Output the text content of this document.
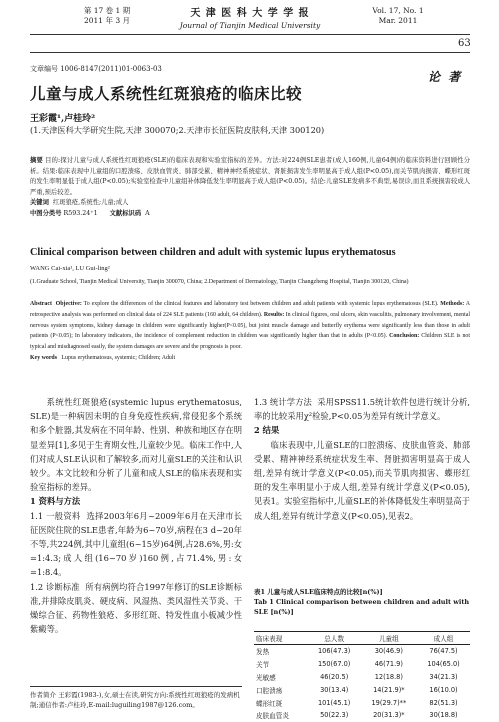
第 17 卷 1 期
2011 年 3 月
天 津 医 科 大 学 学 报
Journal of Tianjin Medical University
Vol. 17, No. 1
Mar. 2011
63
文章编号 1006-8147(2011)01-0063-03
论 著
儿童与成人系统性红斑狼疮的临床比较
王彩霞¹,卢桂玲²
(1.天津医科大学研究生院,天津 300070;2.天津市长征医院皮肤科,天津 300120)
摘要 目的:探讨儿童与成人系统性红斑狼疮(SLE)的临床表现和实验室指标的差异。方法:对224例SLE患者(成人160例,儿童64例)的临床资料进行回顾性分析。结果:临床表现中儿童组的口腔溃疡、皮肤血管炎、肺部受累、精神神经系统症状、肾脏损害发生率明显高于成人组(P<0.05),而关节肌肉损害、蝶形红斑的发生率明显低于成人组(P<0.05);实验室检查中儿童组补体降低发生率明显高于成人组(P<0.05)。结论:儿童SLE发病多不典型,易误诊,而且系统损害较成人严重,预后较差。
关键词 红斑狼疮,系统性;儿童;成人
中图分类号 R593.24⁺1 文献标识码 A
Clinical comparison between children and adult with systemic lupus erythematosus
WANG Cai-xia¹, LU Gui-ling²
(1.Graduate School, Tianjin Medical University, Tianjin 300070, China; 2.Department of Dermatology, Tianjin Changzheng Hospital, Tianjin 300120, China)
Abstract Objective: To explore the differences of the clinical features and laboratory test between children and adult patients with systemic lupus erythematosus (SLE). Methods: A retrospective analysis was performed on clinical data of 224 SLE patients (160 adult, 64 children). Results: In clinical figures, oral ulcers, skin vasculitis, pulmonary involvement, mental nervous system symptoms, kidney damage in children were significantly higher(P<0.05), but joint muscle damage and butterfly erythema were significantly less than those in adult patients (P<0.05); In laboratory indicators, the incidence of complement reduction in children was significantly higher than that in adults (P<0.05). Conclusion: Children SLE is not typical and misdiagnosed easily, the system damages are severe and the prognosis is poor.
Key words Lupus erythematosus, systemic; Children; Adult
系统性红斑狼疮(systemic lupus erythematosus, SLE)是一种病因未明的自身免疫性疾病,常侵犯多个系统和多个脏器,其发病在不同年龄、性别、种族和地区存在明显差异[1],多见于生育期女性,儿童较少见。临床工作中,人们对成人SLE认识和了解较多,而对儿童SLE的关注和认识较少。本文比较和分析了儿童和成人SLE的临床表现和实验室指标的差异。
1 资料与方法
1.1 一般资料 选择2003年6月~2009年6月在天津市长征医院住院的SLE患者,年龄为6~70岁,病程在3 d~20年不等,共224例,其中儿童组(6~15岁)64例,占28.6%,男:女=1:4.3;成人组(16~70岁)160例,占71.4%,男:女=1:8.4。
1.2 诊断标准 所有病例均符合1997年修订的SLE诊断标准,并排除皮肌炎、硬皮病、风湿热、类风湿性关节炎、干燥综合征、药物性狼疮、多形红斑、特发性血小板减少性紫癜等。
作者简介 王彩霞(1983-),女,硕士在读,研究方向:系统性红斑狼疮的发病机制;通信作者:卢桂玲,E-mail:luguiling1987@126.com。
1.3 统计学方法 采用SPSS11.5统计软件包进行统计分析,率的比较采用χ²检验,P<0.05为差异有统计学意义。
2 结果
临床表现中,儿童SLE的口腔溃疡、皮肤血管炎、肺部受累、精神神经系统症状发生率、肾脏损害明显高于成人组,差异有统计学意义(P<0.05),而关节肌肉损害、蝶形红斑的发生率明显小于成人组,差异有统计学意义(P<0.05),见表1。实验室指标中,儿童SLE的补体降低发生率明显高于成人组,差异有统计学意义(P<0.05),见表2。
表1 儿童与成人SLE临床特点的比较[n(%)]
Tab 1 Clinical comparison between children and adult with SLE [n(%)]
临床表现	总人数	儿童组	成人组
发热	106(47.3)	30(46.9)	76(47.5)
关节	150(67.0)	46(71.9)	104(65.0)
光敏感	46(20.5)	12(18.8)	34(21.3)
口腔溃疡	30(13.4)	14(21.9)*	16(10.0)
蝶形红斑	101(45.1)	19(29.7)**	82(51.3)
皮肤血管炎	50(22.3)	20(31.3)*	30(18.8)
